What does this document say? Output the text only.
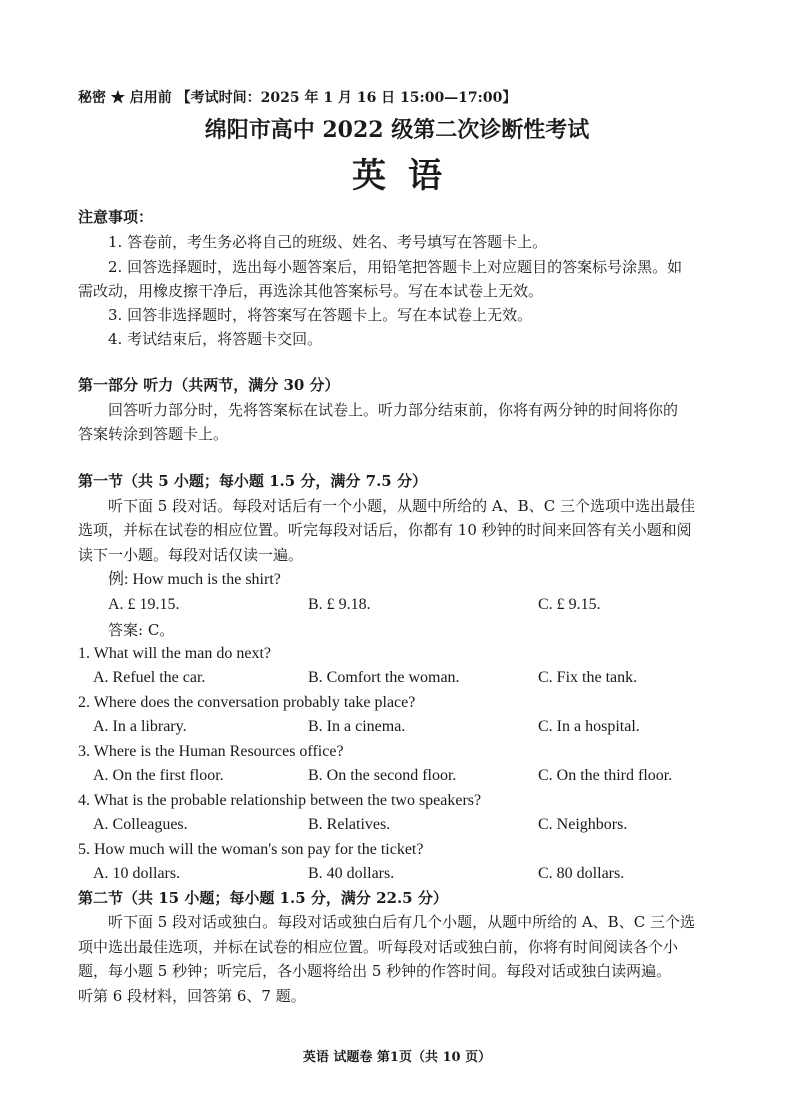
秘密 ★ 启用前 【考试时间：2025 年 1 月 16 日 15:00—17:00】
绵阳市高中 2022 级第二次诊断性考试
英语
注意事项：
1. 答卷前，考生务必将自己的班级、姓名、考号填写在答题卡上。
2. 回答选择题时，选出每小题答案后，用铅笔把答题卡上对应题目的答案标号涂黑。如
需改动，用橡皮擦干净后，再选涂其他答案标号。写在本试卷上无效。
3. 回答非选择题时，将答案写在答题卡上。写在本试卷上无效。
4. 考试结束后，将答题卡交回。
第一部分 听力（共两节，满分 30 分）
回答听力部分时，先将答案标在试卷上。听力部分结束前，你将有两分钟的时间将你的
答案转涂到答题卡上。
第一节（共 5 小题；每小题 1.5 分，满分 7.5 分）
听下面 5 段对话。每段对话后有一个小题，从题中所给的 A、B、C 三个选项中选出最佳
选项，并标在试卷的相应位置。听完每段对话后，你都有 10 秒钟的时间来回答有关小题和阅
读下一小题。每段对话仅读一遍。
例: How much is the shirt?
A. £ 19.15.	B. £ 9.18.	C. £ 9.15.
答案: C。
1. What will the man do next?
A. Refuel the car.	B. Comfort the woman.	C. Fix the tank.
2. Where does the conversation probably take place?
A. In a library.	B. In a cinema.	C. In a hospital.
3. Where is the Human Resources office?
A. On the first floor.	B. On the second floor.	C. On the third floor.
4. What is the probable relationship between the two speakers?
A. Colleagues.	B. Relatives.	C. Neighbors.
5. How much will the woman's son pay for the ticket?
A. 10 dollars.	B. 40 dollars.	C. 80 dollars.
第二节（共 15 小题；每小题 1.5 分，满分 22.5 分）
听下面 5 段对话或独白。每段对话或独白后有几个小题，从题中所给的 A、B、C 三个选
项中选出最佳选项，并标在试卷的相应位置。听每段对话或独白前，你将有时间阅读各个小
题，每小题 5 秒钟；听完后，各小题将给出 5 秒钟的作答时间。每段对话或独白读两遍。
听第 6 段材料，回答第 6、7 题。
英语 试题卷 第1页（共 10 页）
